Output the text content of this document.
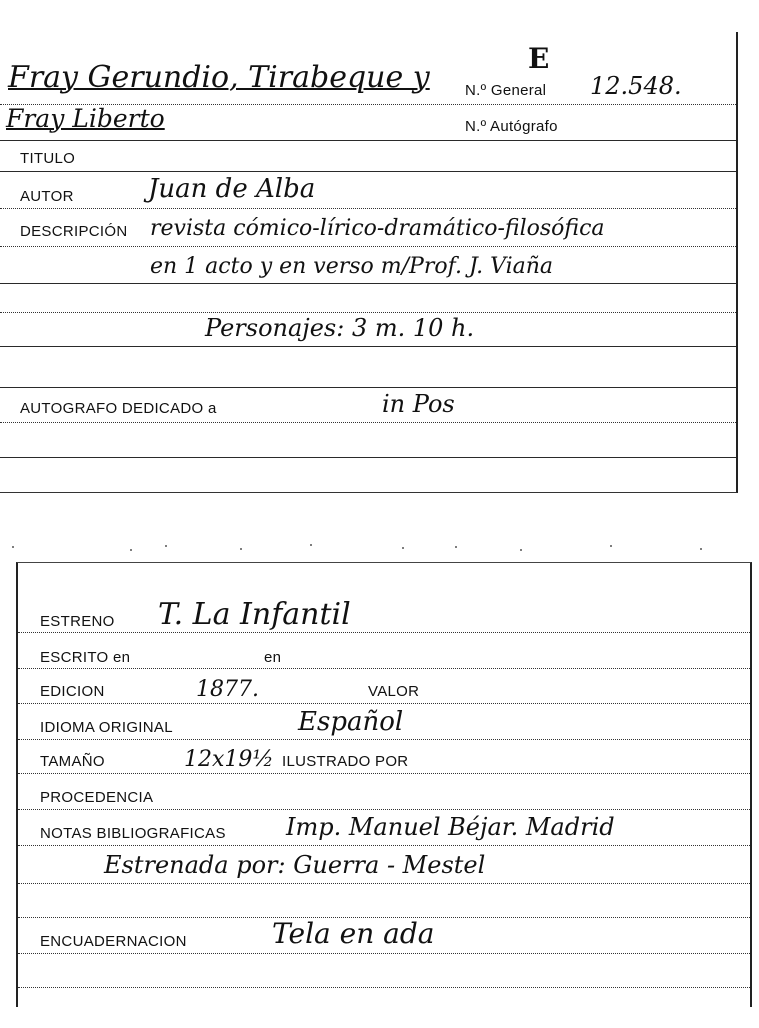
Fray Gerundio, Tirabeque y
Fray Liberto
E
N.º General 12.548.
N.º Autógrafo
TITULO
AUTOR	Juan de Alba
DESCRIPCIÓN revista cómico-lírico-dramático-filosófica
en 1 acto y en verso m/Prof. J. Viaña
Personajes: 3 m. 10 h.
AUTOGRAFO DEDICADO a	in Pos
ESTRENO T. La Infantil
ESCRITO en	en
EDICION	1877.	VALOR
IDIOMA ORIGINAL	Español
TAMAÑO	12x19½ ILUSTRADO POR
PROCEDENCIA
NOTAS BIBLIOGRAFICAS	Imp. Manuel Béjar. Madrid
Estrenada por: Guerra - Mestel
ENCUADERNACION	Tela en ada
